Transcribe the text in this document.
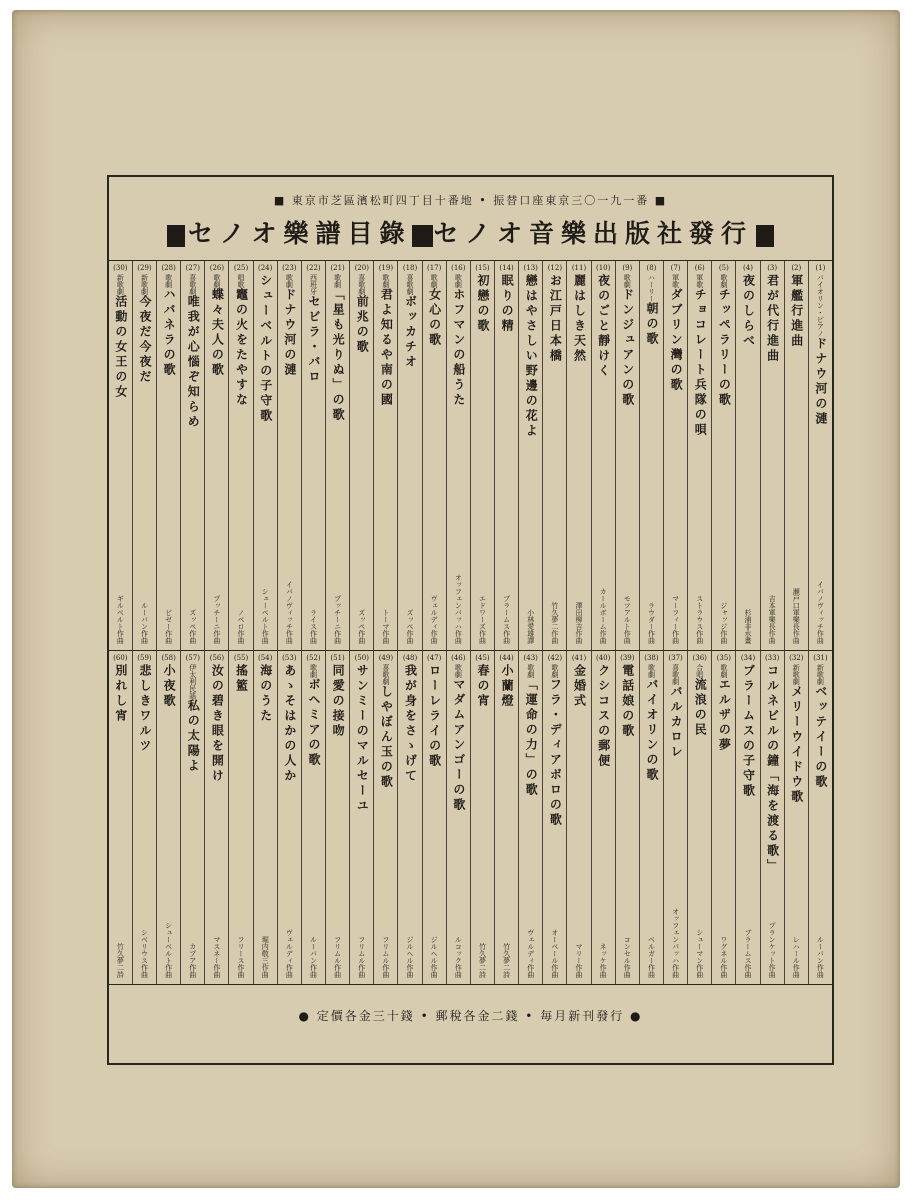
■ 東京市芝區濱松町四丁目十番地 • 振替口座東京三〇一九一番 ■
セノオ音樂出版社發行
セノオ樂譜目錄
(1)
バイオリン・ピアノ
ドナウ河の漣
イバノヴィッチ作曲
(2)
軍艦行進曲
瀬戸口軍樂長作曲
(3)
君が代行進曲
吉本軍樂長作曲
(4)
夜のしらべ
杉浦非水畫
(5)
歌劇
チッペラリーの歌
ジャッジ作曲
(6)
軍歌
チョコレート兵隊の唄
ストラウス作曲
(7)
軍歌
ダブリン灣の歌
マーフィー作曲
(8)
ハーリー
朝の歌
ラウダー作曲
(9)
歌劇
ドンジュアンの歌
モツアルト作曲
(10)
夜のごと靜けく
カールボーム作曲
(11)
麗はしき天然
澤田柳吉作曲
(12)
お江戸日本橋
竹久夢二作曲
(13)
戀はやさしい野邊の花よ
小林愛雄譯
(14)
眠りの精
ブラームス作曲
(15)
初戀の歌
エドワーズ作曲
(16)
歌劇
ホフマンの船うた
オッフェンバッハ作曲
(17)
歌劇
女心の歌
ヴェルディ作曲
(18)
喜歌劇
ボッカチオ
ズッペ作曲
(19)
歌劇
君よ知るや南の國
トーマ作曲
(20)
喜歌劇
前兆の歌
ズッペ作曲
(21)
歌劇
「星も光りぬ」の歌
プッチーニ作曲
(22)
西班牙
セビラ・バロ
ライス作曲
(23)
歌劇
ドナウ河の漣
イバノヴィッチ作曲
(24)
シューベルトの子守歌
シューベルト作曲
(25)
唱歌
竈の火をたやすな
ノベロ作曲
(26)
歌劇
蝶々夫人の歌
プッチーニ作曲
(27)
喜歌劇
唯我が心惱ぞ知らめ
ズッペ作曲
(28)
歌劇
ハバネラの歌
ビゼー作曲
(29)
新歌劇
今夜だ今夜だ
ルーバン作曲
(30)
新歌劇
活動の女王の女
ギルベルト作曲
(31)
新歌劇
ベッテイーの歌
ルーバン作曲
(32)
新歌劇
メリーウイドウ歌
レハール作曲
(33)
コルネビルの鐘「海を渡る歌」
プランケット作曲
(34)
ブラームスの子守歌
ブラームス作曲
(35)
歌劇
エルザの夢
ワグネル作曲
(36)
合唱
流浪の民
シューマン作曲
(37)
喜歌劇
バルカロレ
オッフェンバッハ作曲
(38)
歌劇
バイオリンの歌
ベルガー作曲
(39)
電話娘の歌
コンセル作曲
(40)
クシコスの郵便
ネッケ作曲
(41)
金婚式
マリー作曲
(42)
歌劇
フラ・ディアボロの歌
オーベール作曲
(43)
歌劇
「運命の力」の歌
ヴェルディ作曲
(44)
小蘭燈
竹久夢二詩
(45)
春の宵
竹久夢二詩
(46)
歌劇
マダムアンゴーの歌
ルコック作曲
(47)
ローレライの歌
ジルヘル作曲
(48)
我が身をさゝげて
ジルヘル作曲
(49)
喜歌劇
しやぼん玉の歌
フリムル作曲
(50)
サンミーのマルセーユ
フリムル作曲
(51)
同愛の接吻
フリムル作曲
(52)
歌劇
ボヘミアの歌
ルーバン作曲
(53)
あゝそはかの人か
ヴェルディ作曲
(54)
海のうた
堀内敬三作曲
(55)
搖籃
フリース作曲
(56)
汝の碧き眼を開け
マスネー作曲
(57)
伊太利民謠
私の太陽よ
カプア作曲
(58)
小夜歌
シューベルト作曲
(59)
悲しきワルツ
シベリウス作曲
(60)
別れし宵
竹久夢二詩
● 定價各金三十錢 • 郵稅各金二錢 • 毎月新刊發行 ●
